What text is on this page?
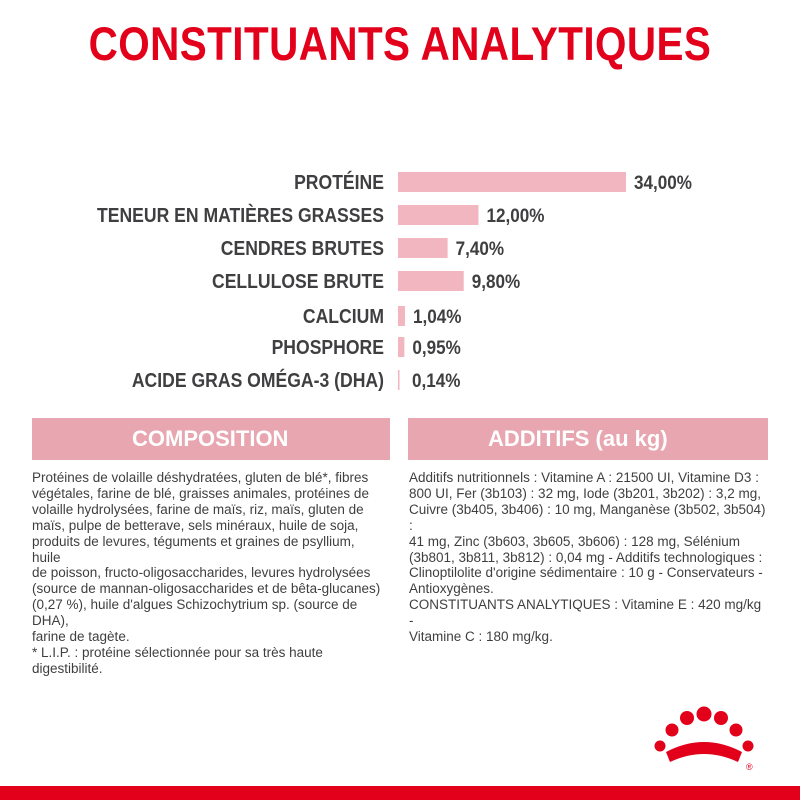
CONSTITUANTS ANALYTIQUES
PROTÉINE	34,00%
TENEUR EN MATIÈRES GRASSES	12,00%
CENDRES BRUTES	7,40%
CELLULOSE BRUTE	9,80%
CALCIUM 1,04%
PHOSPHORE 0,95%
ACIDE GRAS OMÉGA-3 (DHA) 0,14%
COMPOSITION	ADDITIFS (au kg)

Protéines de volaille déshydratées, gluten de blé*, fibres

végétales, farine de blé, graisses animales, protéines de

volaille hydrolysées, farine de maïs, riz, maïs, gluten de

maïs, pulpe de betterave, sels minéraux, huile de soja,

produits de levures, téguments et graines de psyllium, huile

de poisson, fructo-oligosaccharides, levures hydrolysées

(source de mannan-oligosaccharides et de bêta-glucanes)

(0,27 %), huile d'algues Schizochytrium sp. (source de DHA),

farine de tagète.

* L.I.P. : protéine sélectionnée pour sa très haute

digestibilité.

Additifs nutritionnels : Vitamine A : 21500 UI, Vitamine D3 :

800 UI, Fer (3b103) : 32 mg, Iode (3b201, 3b202) : 3,2 mg,

Cuivre (3b405, 3b406) : 10 mg, Manganèse (3b502, 3b504) :

41 mg, Zinc (3b603, 3b605, 3b606) : 128 mg, Sélénium

(3b801, 3b811, 3b812) : 0,04 mg - Additifs technologiques :

Clinoptilolite d'origine sédimentaire : 10 g - Conservateurs -

Antioxygènes.

CONSTITUANTS ANALYTIQUES : Vitamine E : 420 mg/kg -

Vitamine C : 180 mg/kg.

®
